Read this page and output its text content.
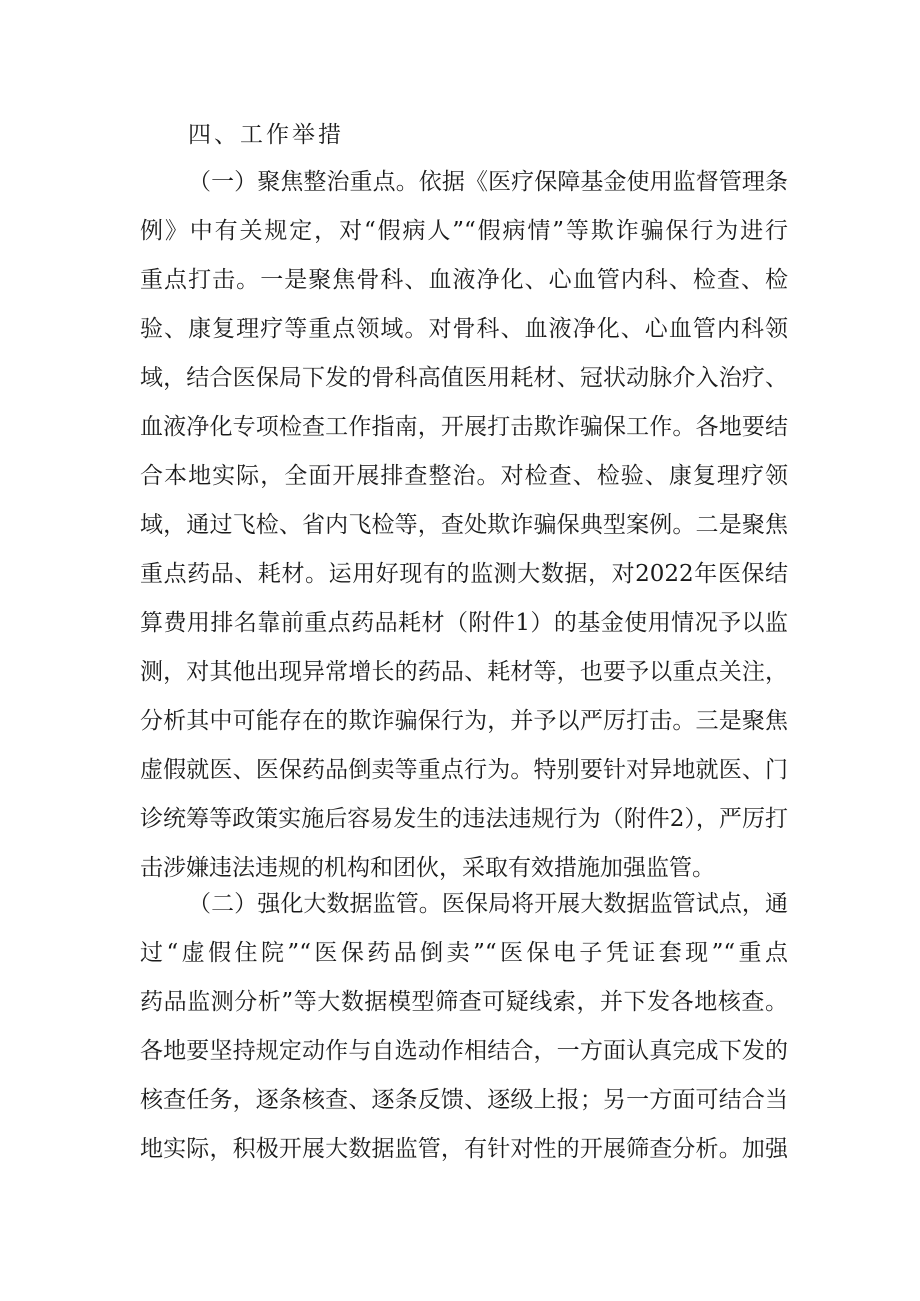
四、工作举措
（一）聚焦整治重点。依据《医疗保障基金使用监督管理条
例》中有关规定，对“假病人”“假病情”等欺诈骗保行为进行
重点打击。一是聚焦骨科、血液净化、心血管内科、检查、检
验、康复理疗等重点领域。对骨科、血液净化、心血管内科领
域，结合医保局下发的骨科高值医用耗材、冠状动脉介入治疗、
血液净化专项检查工作指南，开展打击欺诈骗保工作。各地要结
合本地实际，全面开展排查整治。对检查、检验、康复理疗领
域，通过飞检、省内飞检等，查处欺诈骗保典型案例。二是聚焦
重点药品、耗材。运用好现有的监测大数据，对2022年医保结
算费用排名靠前重点药品耗材（附件1）的基金使用情况予以监
测，对其他出现异常增长的药品、耗材等，也要予以重点关注，
分析其中可能存在的欺诈骗保行为，并予以严厉打击。三是聚焦
虚假就医、医保药品倒卖等重点行为。特别要针对异地就医、门
诊统筹等政策实施后容易发生的违法违规行为（附件2），严厉打
击涉嫌违法违规的机构和团伙，采取有效措施加强监管。
（二）强化大数据监管。医保局将开展大数据监管试点，通
过“虚假住院”“医保药品倒卖”“医保电子凭证套现”“重点
药品监测分析”等大数据模型筛查可疑线索，并下发各地核查。
各地要坚持规定动作与自选动作相结合，一方面认真完成下发的
核查任务，逐条核查、逐条反馈、逐级上报；另一方面可结合当
地实际，积极开展大数据监管，有针对性的开展筛查分析。加强
